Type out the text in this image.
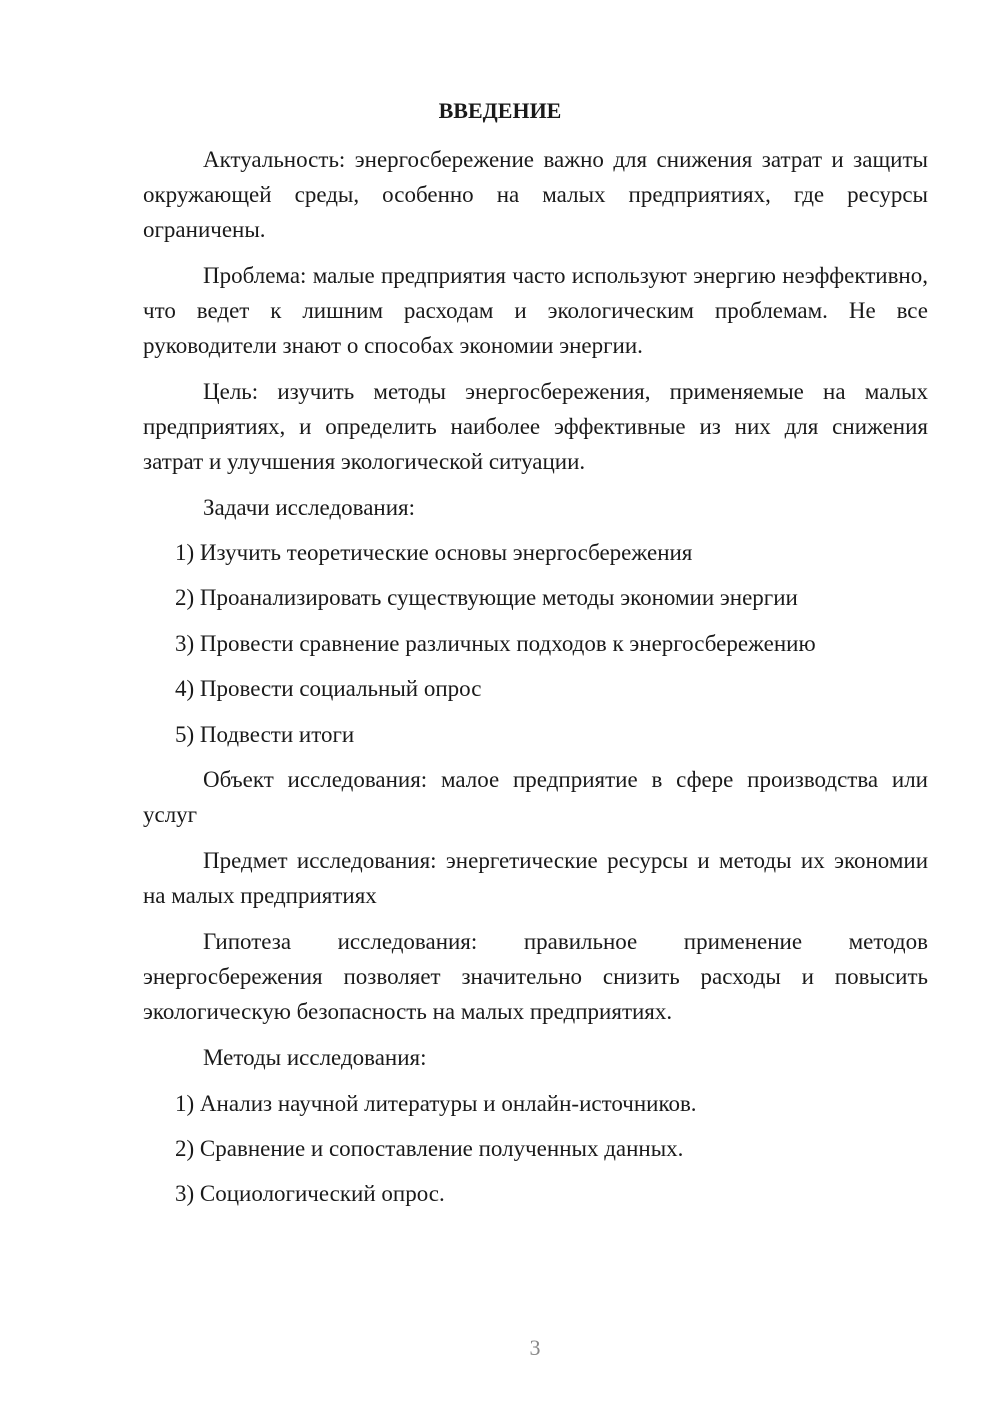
ВВЕДЕНИЕ

Актуальность: энергосбережение важно для снижения затрат и защиты окружающей среды, особенно на малых предприятиях, где ресурсы ограничены.

Проблема: малые предприятия часто используют энергию неэффективно, что ведет к лишним расходам и экологическим проблемам. Не все руководители знают о способах экономии энергии.

Цель: изучить методы энергосбережения, применяемые на малых предприятиях, и определить наиболее эффективные из них для снижения затрат и улучшения экологической ситуации.

Задачи исследования:

1) Изучить теоретические основы энергосбережения

2) Проанализировать существующие методы экономии энергии

3) Провести сравнение различных подходов к энергосбережению

4) Провести социальный опрос

5) Подвести итоги

Объект исследования: малое предприятие в сфере производства или услуг

Предмет исследования: энергетические ресурсы и методы их экономии на малых предприятиях

Гипотеза исследования: правильное применение методов энергосбережения позволяет значительно снизить расходы и повысить экологическую безопасность на малых предприятиях.

Методы исследования:

1) Анализ научной литературы и онлайн-источников.

2) Сравнение и сопоставление полученных данных.

3) Социологический опрос.

3
